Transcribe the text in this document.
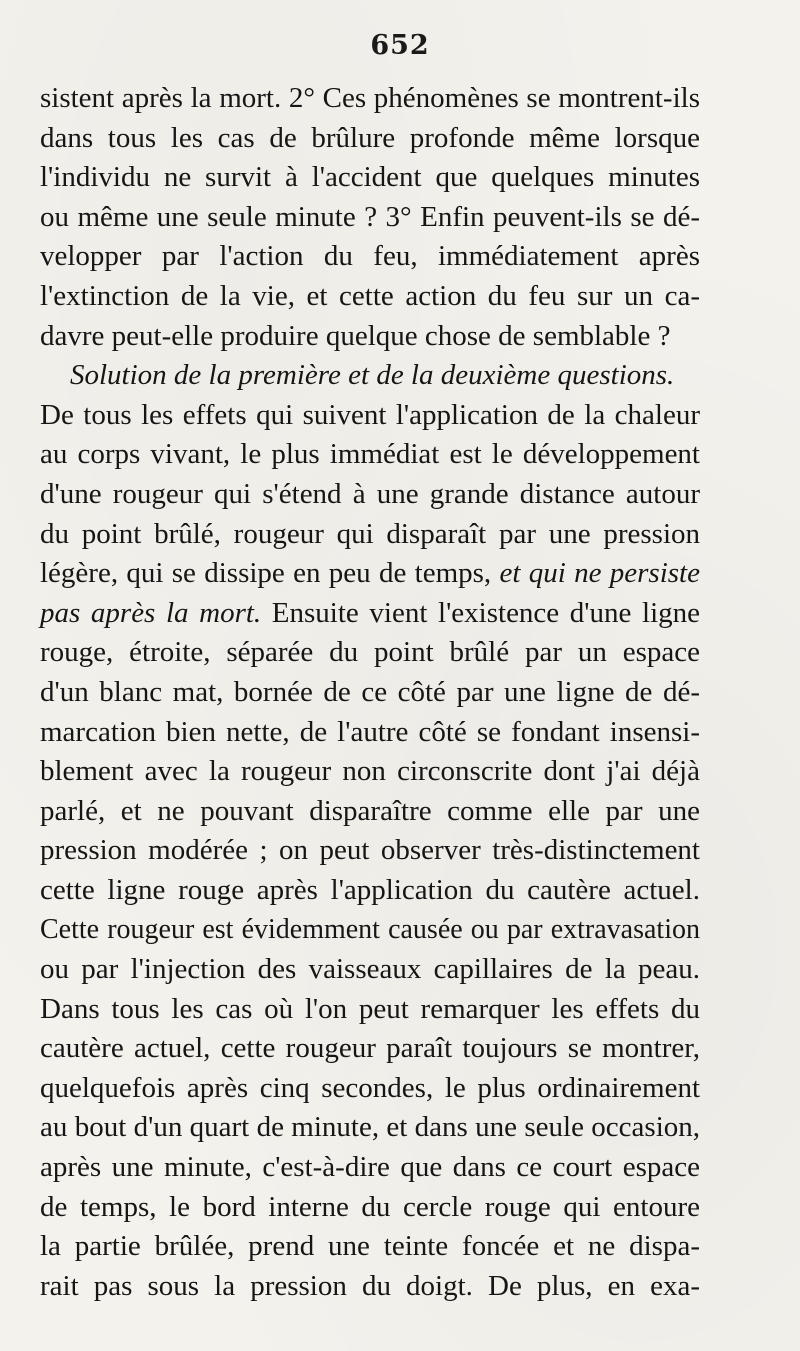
652
sistent après la mort. 2° Ces phénomènes se montrent-ils
dans tous les cas de brûlure profonde même lorsque
l'individu ne survit à l'accident que quelques minutes
ou même une seule minute ? 3° Enfin peuvent-ils se dé-
velopper par l'action du feu, immédiatement après
l'extinction de la vie, et cette action du feu sur un ca-
davre peut-elle produire quelque chose de semblable ?
Solution de la première et de la deuxième questions.
De tous les effets qui suivent l'application de la chaleur
au corps vivant, le plus immédiat est le développement
d'une rougeur qui s'étend à une grande distance autour
du point brûlé, rougeur qui disparaît par une pression
légère, qui se dissipe en peu de temps, et qui ne persiste
pas après la mort. Ensuite vient l'existence d'une ligne
rouge, étroite, séparée du point brûlé par un espace
d'un blanc mat, bornée de ce côté par une ligne de dé-
marcation bien nette, de l'autre côté se fondant insensi-
blement avec la rougeur non circonscrite dont j'ai déjà
parlé, et ne pouvant disparaître comme elle par une
pression modérée ; on peut observer très-distinctement
cette ligne rouge après l'application du cautère actuel.
Cette rougeur est évidemment causée ou par extravasation
ou par l'injection des vaisseaux capillaires de la peau.
Dans tous les cas où l'on peut remarquer les effets du
cautère actuel, cette rougeur paraît toujours se montrer,
quelquefois après cinq secondes, le plus ordinairement
au bout d'un quart de minute, et dans une seule occasion,
après une minute, c'est-à-dire que dans ce court espace
de temps, le bord interne du cercle rouge qui entoure
la partie brûlée, prend une teinte foncée et ne dispa-
rait pas sous la pression du doigt. De plus, en exa-
